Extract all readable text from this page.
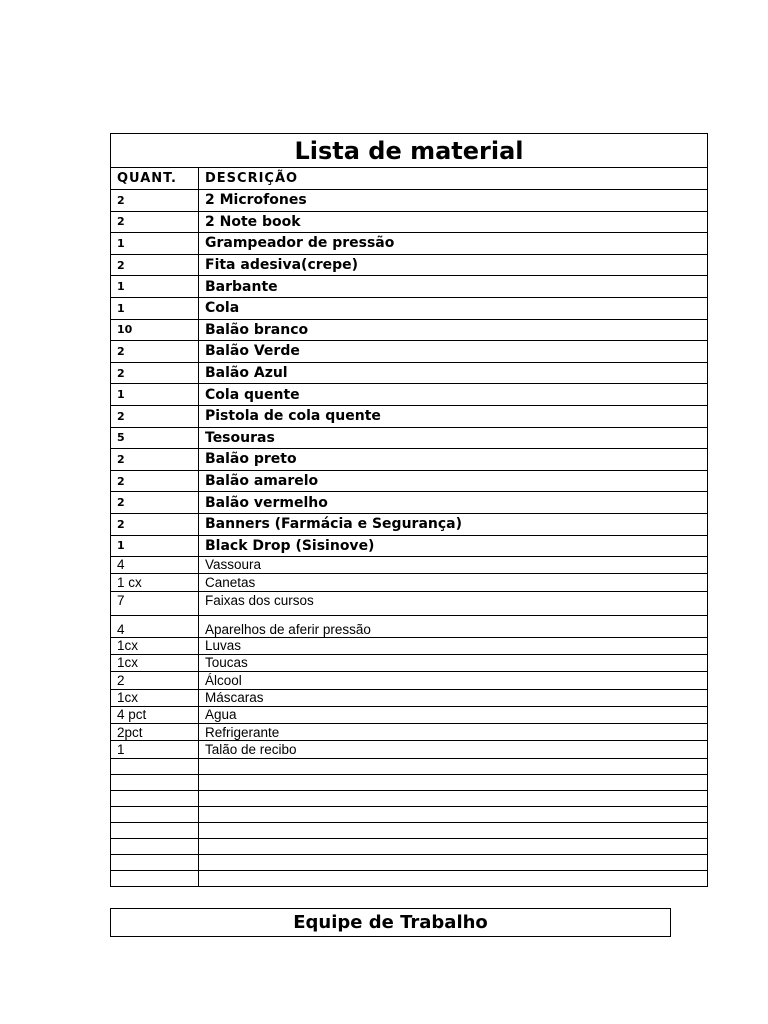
Lista de material	
QUANT.	DESCRIÇÃO
2	2 Microfones
2	2 Note book
1	Grampeador de pressão
2	Fita adesiva(crepe)
1	Barbante
1	Cola
10	Balão branco
2	Balão Verde
2	Balão Azul
1	Cola quente
2	Pistola de cola quente
5	Tesouras
2	Balão preto
2	Balão amarelo
2	Balão vermelho
2	Banners (Farmácia e Segurança)
1	Black Drop (Sisinove)
4	Vassoura
1 cx	Canetas
7	Faixas dos cursos
4	Aparelhos de aferir pressão
1cx	Luvas
1cx	Toucas
2	Álcool
1cx	Máscaras
4 pct	Agua
2pct	Refrigerante
1	Talão de recibo

Equipe de Trabalho
